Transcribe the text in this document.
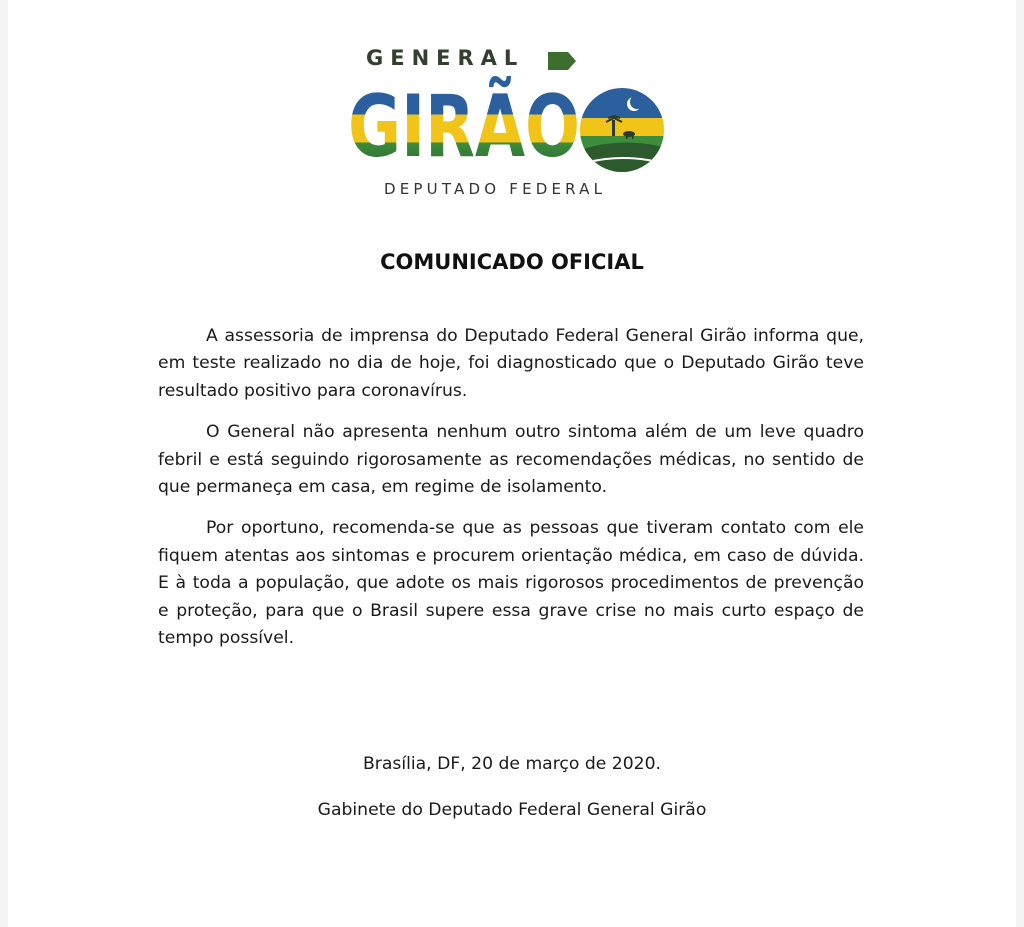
GENERAL
GIRÃO
DEPUTADO FEDERAL
COMUNICADO OFICIAL

A assessoria de imprensa do Deputado Federal General Girão informa que, em teste realizado no dia de hoje, foi diagnosticado que o Deputado Girão teve resultado positivo para coronavírus.

O General não apresenta nenhum outro sintoma além de um leve quadro febril e está seguindo rigorosamente as recomendações médicas, no sentido de que permaneça em casa, em regime de isolamento.

Por oportuno, recomenda-se que as pessoas que tiveram contato com ele fiquem atentas aos sintomas e procurem orientação médica, em caso de dúvida. E à toda a população, que adote os mais rigorosos procedimentos de prevenção e proteção, para que o Brasil supere essa grave crise no mais curto espaço de tempo possível.

Brasília, DF, 20 de março de 2020.

Gabinete do Deputado Federal General Girão
